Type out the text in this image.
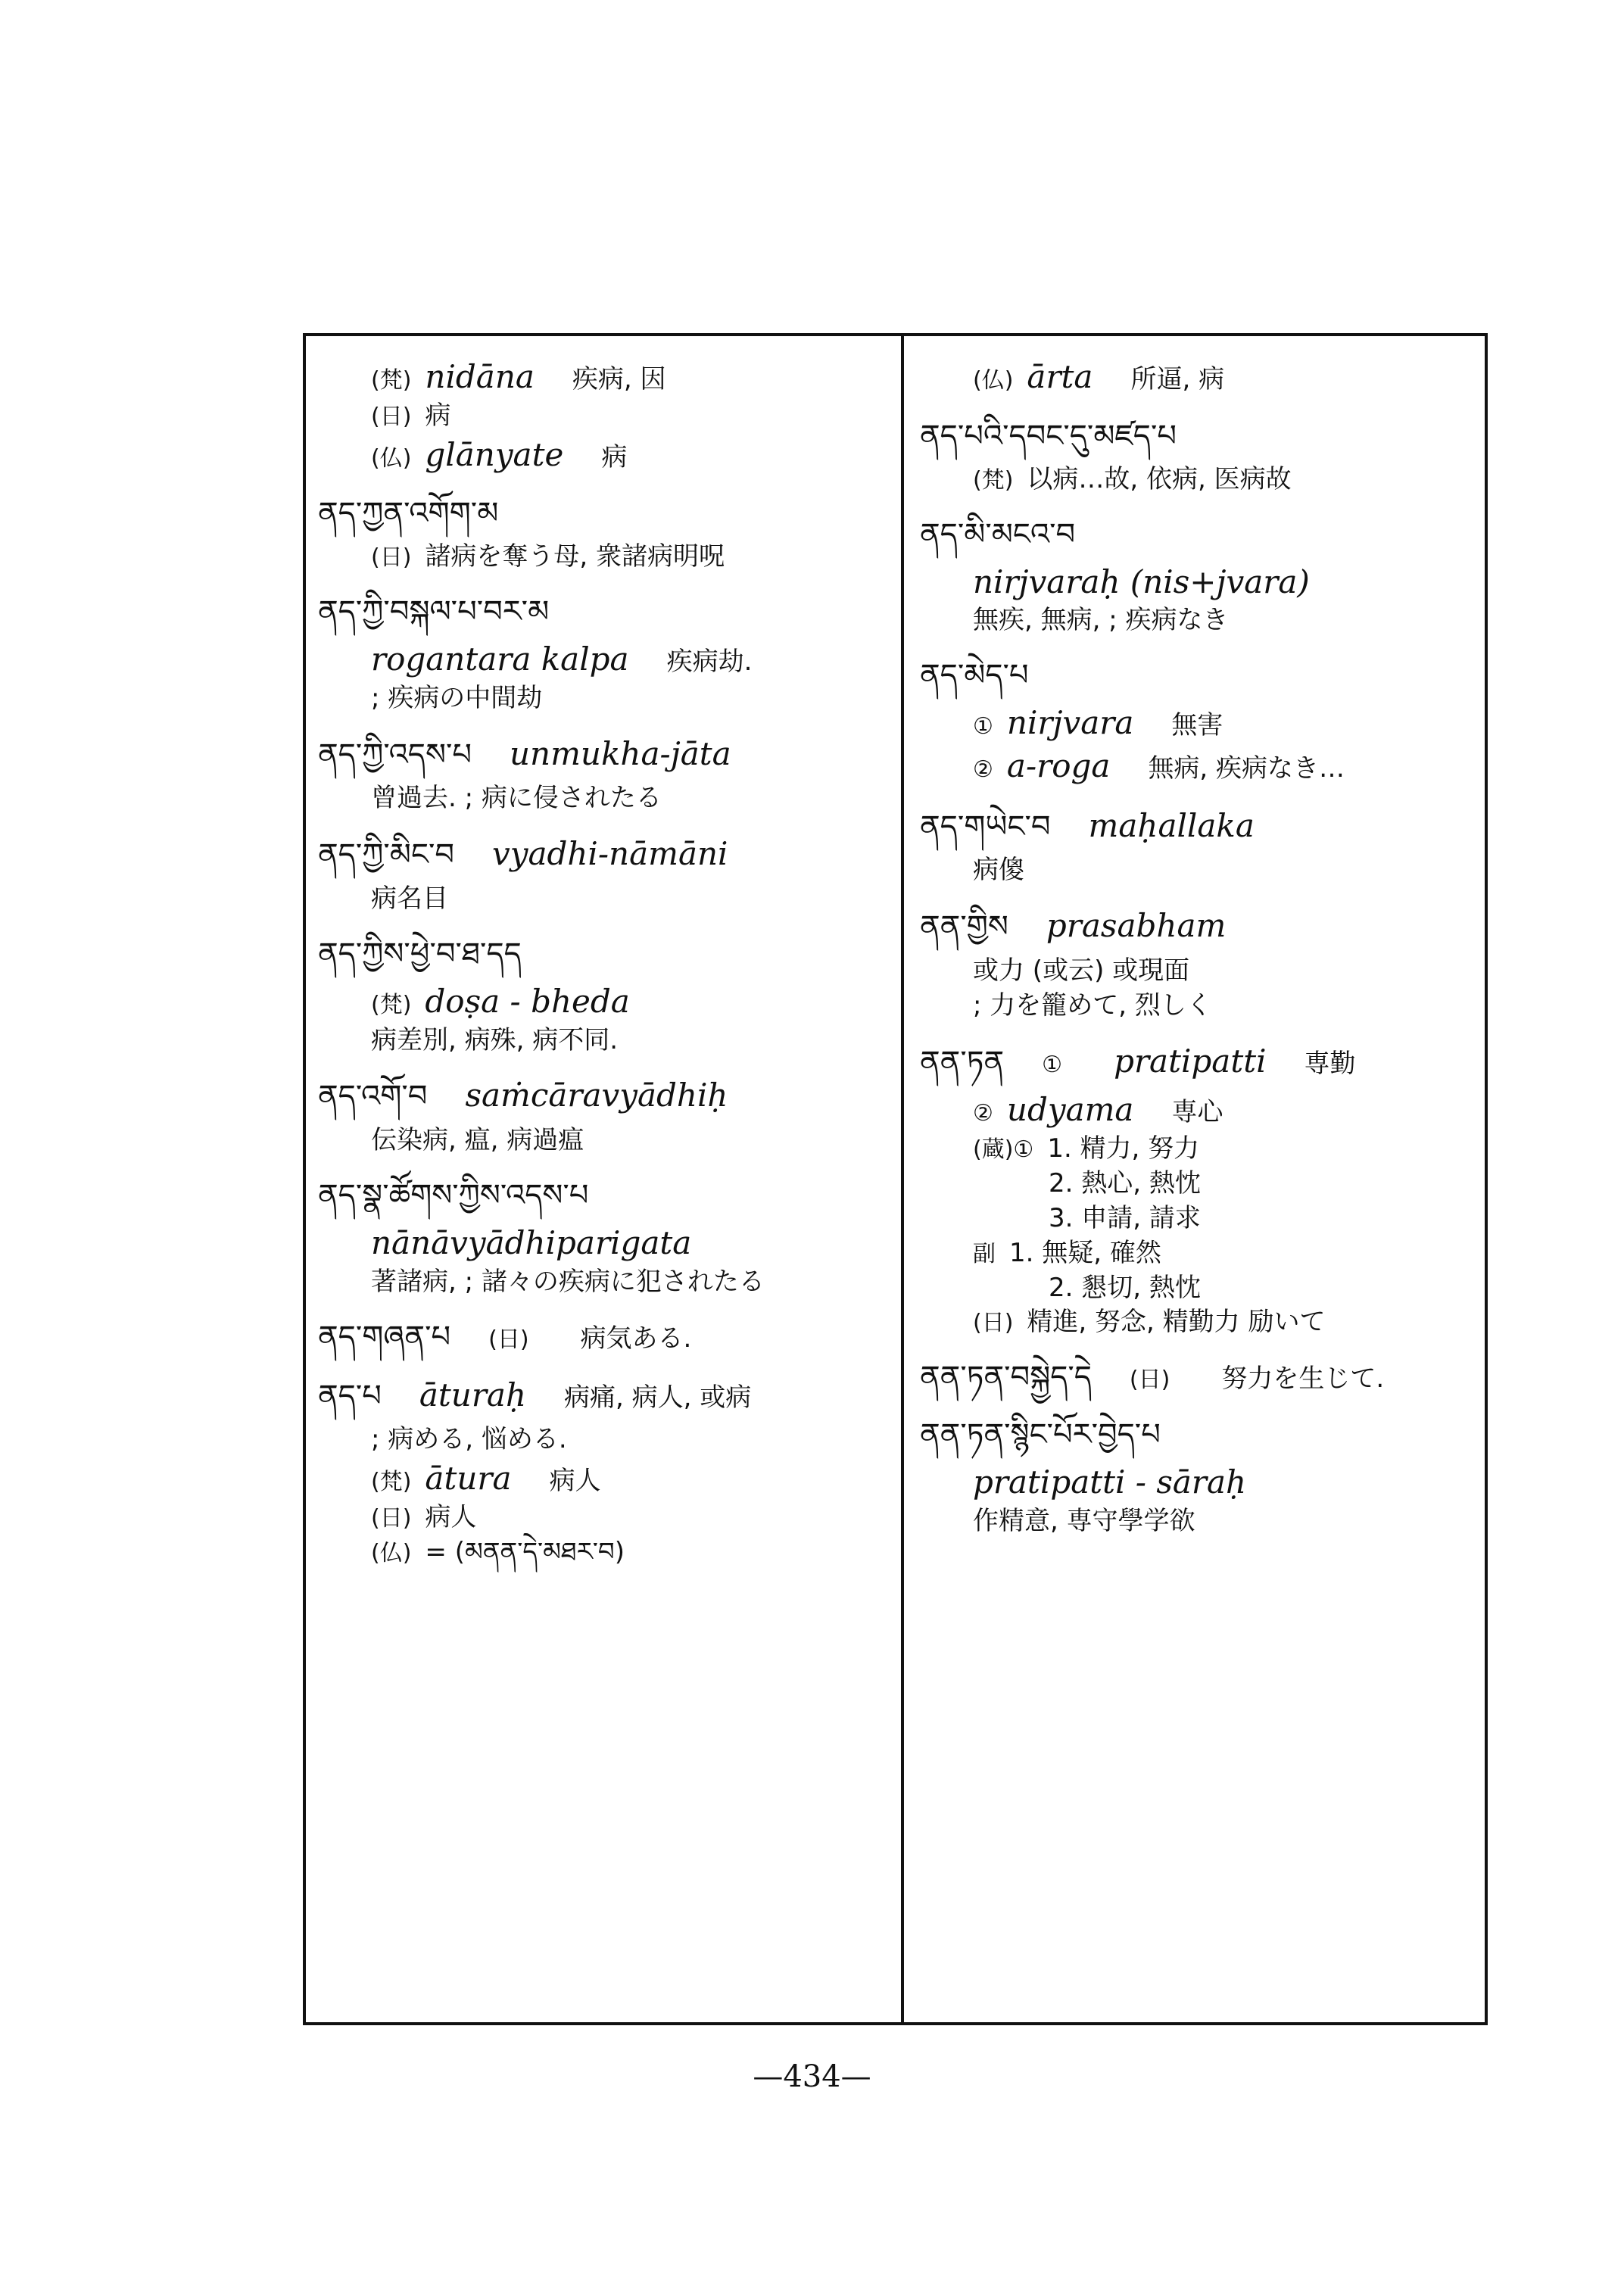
(梵) nidāna 疾病, 因
(日) 病
(仏) glānyate 病
ནད་ཀྱན་འགོག་མ
(日) 諸病を奪う母, 衆諸病明呪
ནད་ཀྱི་བསྐལ་པ་བར་མ
rogantara kalpa 疾病劫.
; 疾病の中間劫
ནད་ཀྱི་འདས་པ unmukha-jāta
曾過去. ; 病に侵されたる
ནད་ཀྱི་མིང་བ vyadhi-nāmāni
病名目
ནད་ཀྱིས་ཕྱེ་བ་ཐ་དད
(梵) doṣa - bheda
病差別, 病殊, 病不同.
ནད་འགོ་བ saṁcāravyādhiḥ
伝染病, 瘟, 病過瘟
ནད་སྣ་ཚོགས་ཀྱིས་འདས་པ
nānāvyādhiparigata
著諸病, ; 諸々の疾病に犯されたる
ནད་གཞན་པ (日) 病気ある.
ནད་པ āturaḥ 病痛, 病人, 或病
; 病める, 悩める.
(梵) ātura 病人
(日) 病人
(仏) = (མནན་དེ་མཐར་བ)
(仏) ārta 所逼, 病
ནད་པའི་དབང་དུ་མཛད་པ
(梵) 以病…故, 依病, 医病故
ནད་མི་མངའ་བ
nirjvaraḥ (nis+jvara)
無疾, 無病, ; 疾病なき
ནད་མེད་པ
① nirjvara 無害
② a-roga 無病, 疾病なき…
ནད་གཡེང་བ maḥallaka
病傻
ནན་གྱིས prasabham
或力 (或云) 或現面
; 力を籠めて, 烈しく
ནན་ཏན ① pratipatti 専勤
② udyama 専心
(蔵)① 1. 精力, 努力
2. 熱心, 熱忱
3. 申請, 請求
副 1. 無疑, 確然
2. 懇切, 熱忱
(日) 精進, 努念, 精勤力 励いて
ནན་ཏན་བསྐྱེད་དེ (日) 努力を生じて.
ནན་ཏན་སྙིང་པོར་བྱེད་པ
pratipatti - sāraḥ
作精意, 専守學学欲
—434—
